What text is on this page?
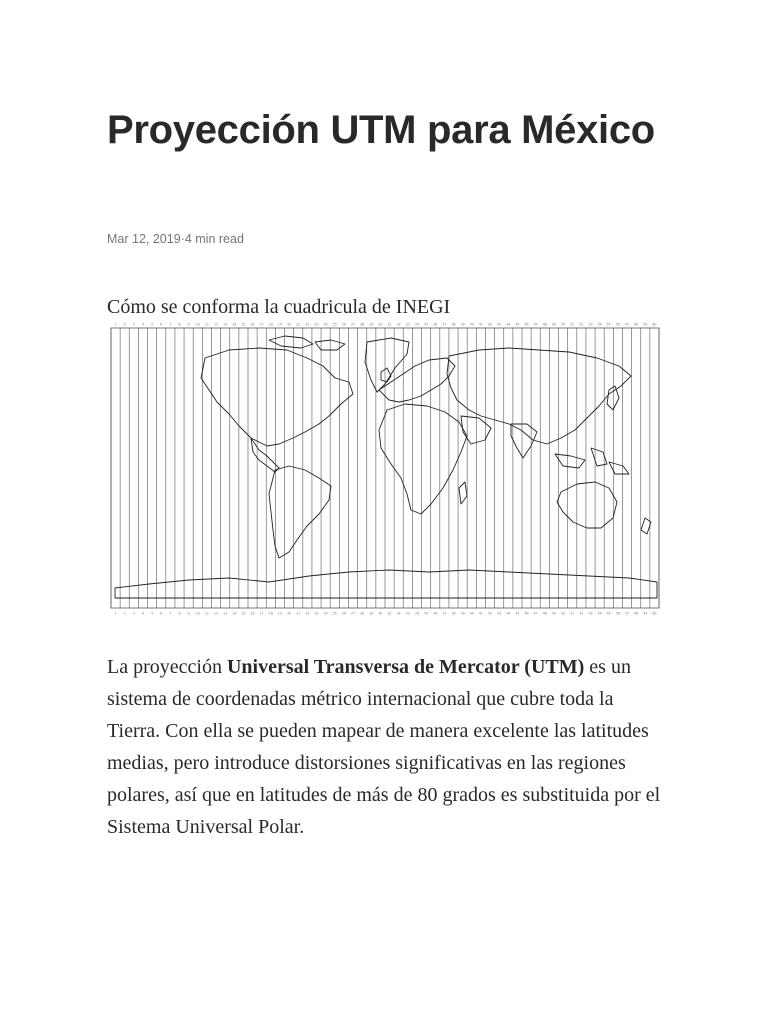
Proyección UTM para México
Mar 12, 2019·4 min read
Cómo se conforma la cuadricula de INEGI
1 2 3 4 5 6 7 8 9 10 11 12 13 14 15 16 17 18 19 20 21 22 23 24 25 26 27 28 29 30 31 32 33 34 35 36 37 38 39 40 41 42 43 44 45 46 47 48 49 50 51 52 53 54 55 56 57 58 59 60
1 2 3 4 5 6 7 8 9 10 11 12 13 14 15 16 17 18 19 20 21 22 23 24 25 26 27 28 29 30 31 32 33 34 35 36 37 38 39 40 41 42 43 44 45 46 47 48 49 50 51 52 53 54 55 56 57 58 59 60

La proyección Universal Transversa de Mercator (UTM) es un sistema de coordenadas métrico internacional que cubre toda la Tierra. Con ella se pueden mapear de manera excelente las latitudes medias, pero introduce distorsiones significativas en las regiones polares, así que en latitudes de más de 80 grados es substituida por el Sistema Universal Polar.
